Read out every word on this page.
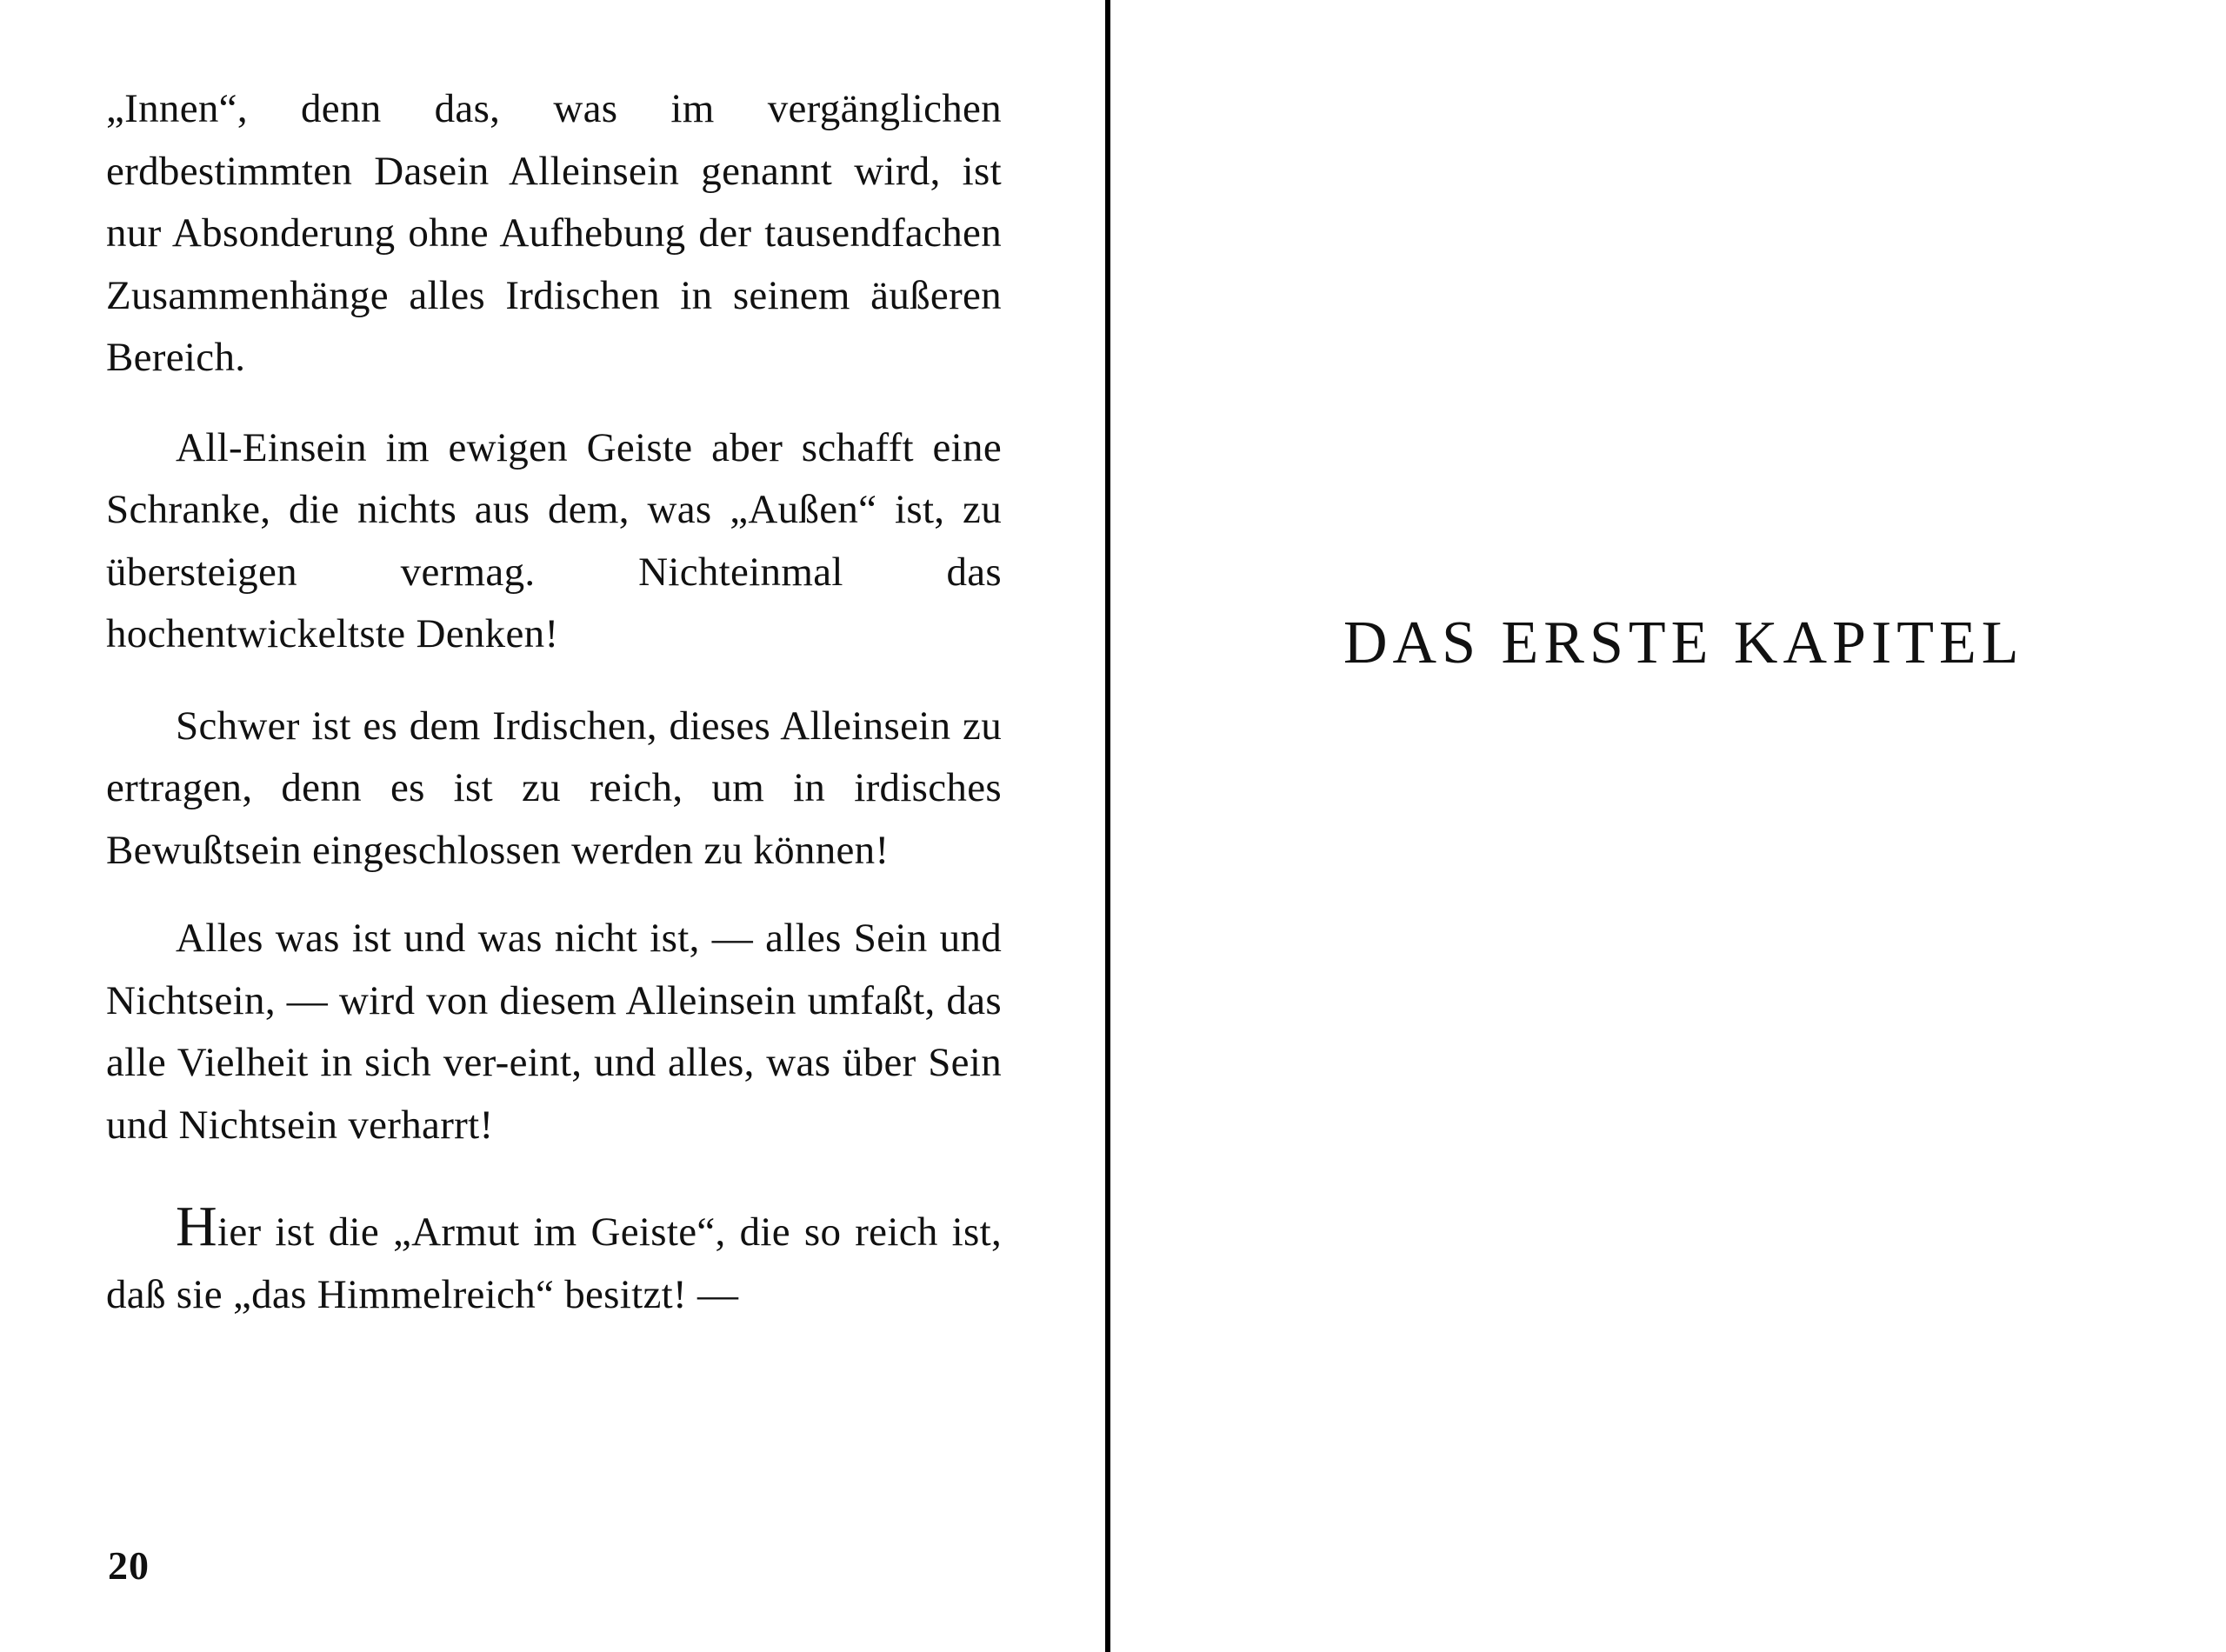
„Innen“, denn das, was im vergänglichen erdbestimmten Dasein Alleinsein genannt wird, ist nur Absonderung ohne Aufhebung der tausendfachen Zusammenhänge alles Irdischen in seinem äußeren Bereich.

All-Einsein im ewigen Geiste aber schafft eine Schranke, die nichts aus dem, was „Außen“ ist, zu übersteigen vermag. Nichteinmal das hochentwickeltste Denken!

Schwer ist es dem Irdischen, dieses Alleinsein zu ertragen, denn es ist zu reich, um in irdisches Bewußtsein eingeschlossen werden zu können!

Alles was ist und was nicht ist, — alles Sein und Nichtsein, — wird von diesem Alleinsein umfaßt, das alle Vielheit in sich ver-eint, und alles, was über Sein und Nichtsein verharrt!

Hier ist die „Armut im Geiste“, die so reich ist, daß sie „das Himmelreich“ besitzt! —

20
DAS ERSTE KAPITEL
